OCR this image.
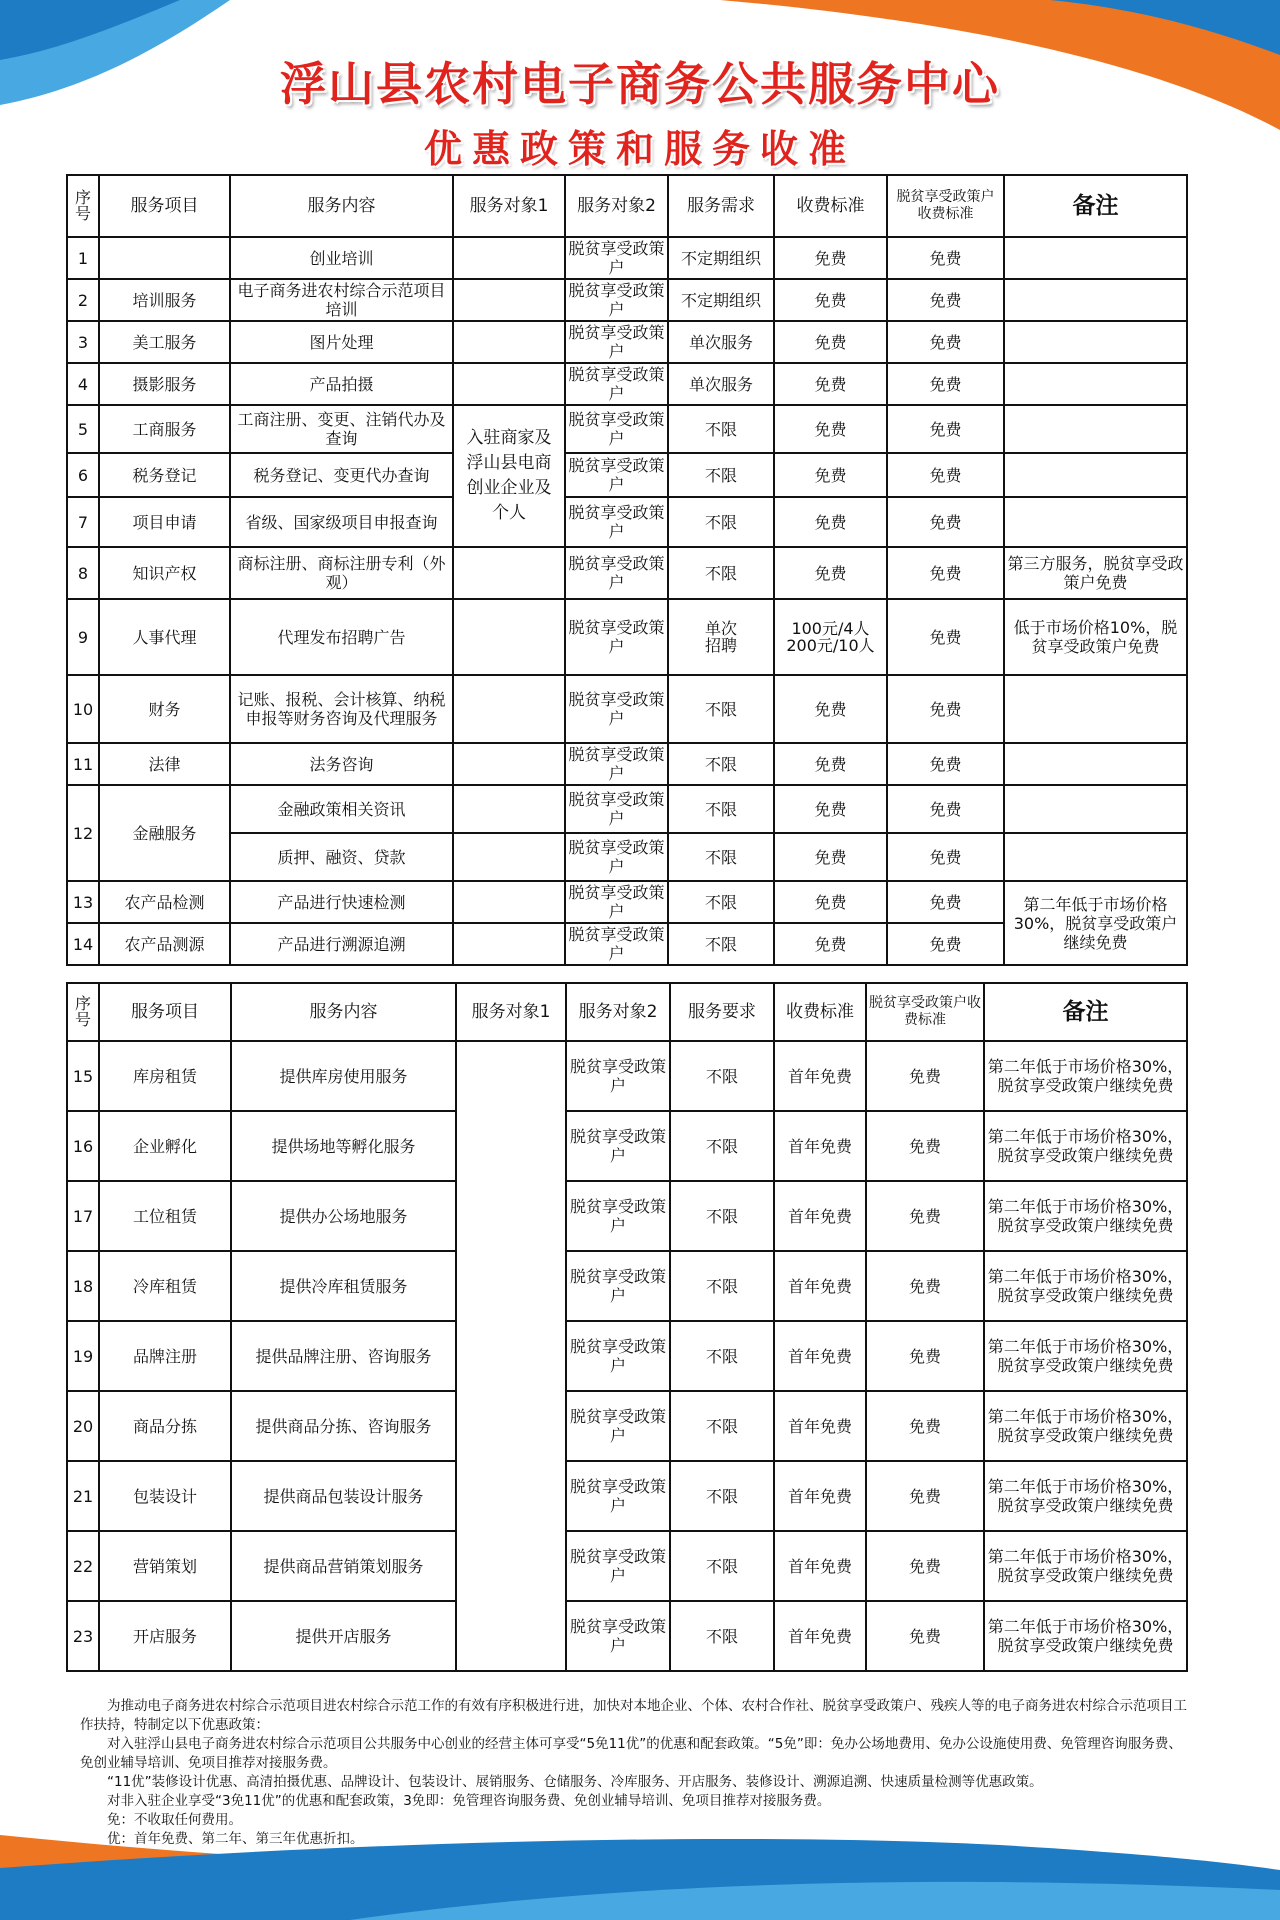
浮山县农村电子商务公共服务中心
优惠政策和服务收准
序号	服务项目	服务内容	服务对象1	服务对象2	服务需求	收费标准	脱贫享受政策户收费标准	备注
1		创业培训		脱贫享受政策户	不定期组织	免费	免费	
2	培训服务	电子商务进农村综合示范项目培训		脱贫享受政策户	不定期组织	免费	免费	
3	美工服务	图片处理		脱贫享受政策户	单次服务	免费	免费	
4	摄影服务	产品拍摄		脱贫享受政策户	单次服务	免费	免费	
5	工商服务	工商注册、变更、注销代办及查询	入驻商家及浮山县电商创业企业及个人	脱贫享受政策户	不限	免费	免费	
6	税务登记	税务登记、变更代办查询		脱贫享受政策户	不限	免费	免费	
7	项目申请	省级、国家级项目申报查询		脱贫享受政策户	不限	免费	免费	
8	知识产权	商标注册、商标注册专利（外观）		脱贫享受政策户	不限	免费	免费	第三方服务，脱贫享受政策户免费
9	人事代理	代理发布招聘广告		脱贫享受政策户	单次招聘	100元/4人 200元/10人	免费	低于市场价格10%，脱贫享受政策户免费
10	财务	记账、报税、会计核算、纳税申报等财务咨询及代理服务		脱贫享受政策户	不限	免费	免费	
11	法律	法务咨询		脱贫享受政策户	不限	免费	免费	
12	金融服务	金融政策相关资讯		脱贫享受政策户	不限	免费	免费	
		质押、融资、贷款		脱贫享受政策户	不限	免费	免费	
13	农产品检测	产品进行快速检测		脱贫享受政策户	不限	免费	免费	第二年低于市场价格30%，脱贫享受政策户继续免费
14	农产品测源	产品进行溯源追溯		脱贫享受政策户	不限	免费	免费	
序号	服务项目	服务内容	服务对象1	服务对象2	服务要求	收费标准	脱贫享受政策户收费标准	备注
15	库房租赁	提供库房使用服务		脱贫享受政策户	不限	首年免费	免费	第二年低于市场价格30%，脱贫享受政策户继续免费
16	企业孵化	提供场地等孵化服务		脱贫享受政策户	不限	首年免费	免费	第二年低于市场价格30%，脱贫享受政策户继续免费
17	工位租赁	提供办公场地服务		脱贫享受政策户	不限	首年免费	免费	第二年低于市场价格30%，脱贫享受政策户继续免费
18	冷库租赁	提供冷库租赁服务		脱贫享受政策户	不限	首年免费	免费	第二年低于市场价格30%，脱贫享受政策户继续免费
19	品牌注册	提供品牌注册、咨询服务		脱贫享受政策户	不限	首年免费	免费	第二年低于市场价格30%，脱贫享受政策户继续免费
20	商品分拣	提供商品分拣、咨询服务		脱贫享受政策户	不限	首年免费	免费	第二年低于市场价格30%，脱贫享受政策户继续免费
21	包装设计	提供商品包装设计服务		脱贫享受政策户	不限	首年免费	免费	第二年低于市场价格30%，脱贫享受政策户继续免费
22	营销策划	提供商品营销策划服务		脱贫享受政策户	不限	首年免费	免费	第二年低于市场价格30%，脱贫享受政策户继续免费
23	开店服务	提供开店服务		脱贫享受政策户	不限	首年免费	免费	第二年低于市场价格30%，脱贫享受政策户继续免费

为推动电子商务进农村综合示范项目进农村综合示范工作的有效有序积极进行进，加快对本地企业、个体、农村合作社、脱贫享受政策户、残疾人等的电子商务进农村综合示范项目工作扶持，特制定以下优惠政策：

对入驻浮山县电子商务进农村综合示范项目公共服务中心创业的经营主体可享受“5免11优”的优惠和配套政策。“5免”即：免办公场地费用、免办公设施使用费、免管理咨询服务费、免创业辅导培训、免项目推荐对接服务费。

“11优”装修设计优惠、高清拍摄优惠、品牌设计、包装设计、展销服务、仓储服务、冷库服务、开店服务、装修设计、溯源追溯、快速质量检测等优惠政策。

对非入驻企业享受“3免11优”的优惠和配套政策，3免即：免管理咨询服务费、免创业辅导培训、免项目推荐对接服务费。

免：不收取任何费用。

优：首年免费、第二年、第三年优惠折扣。
